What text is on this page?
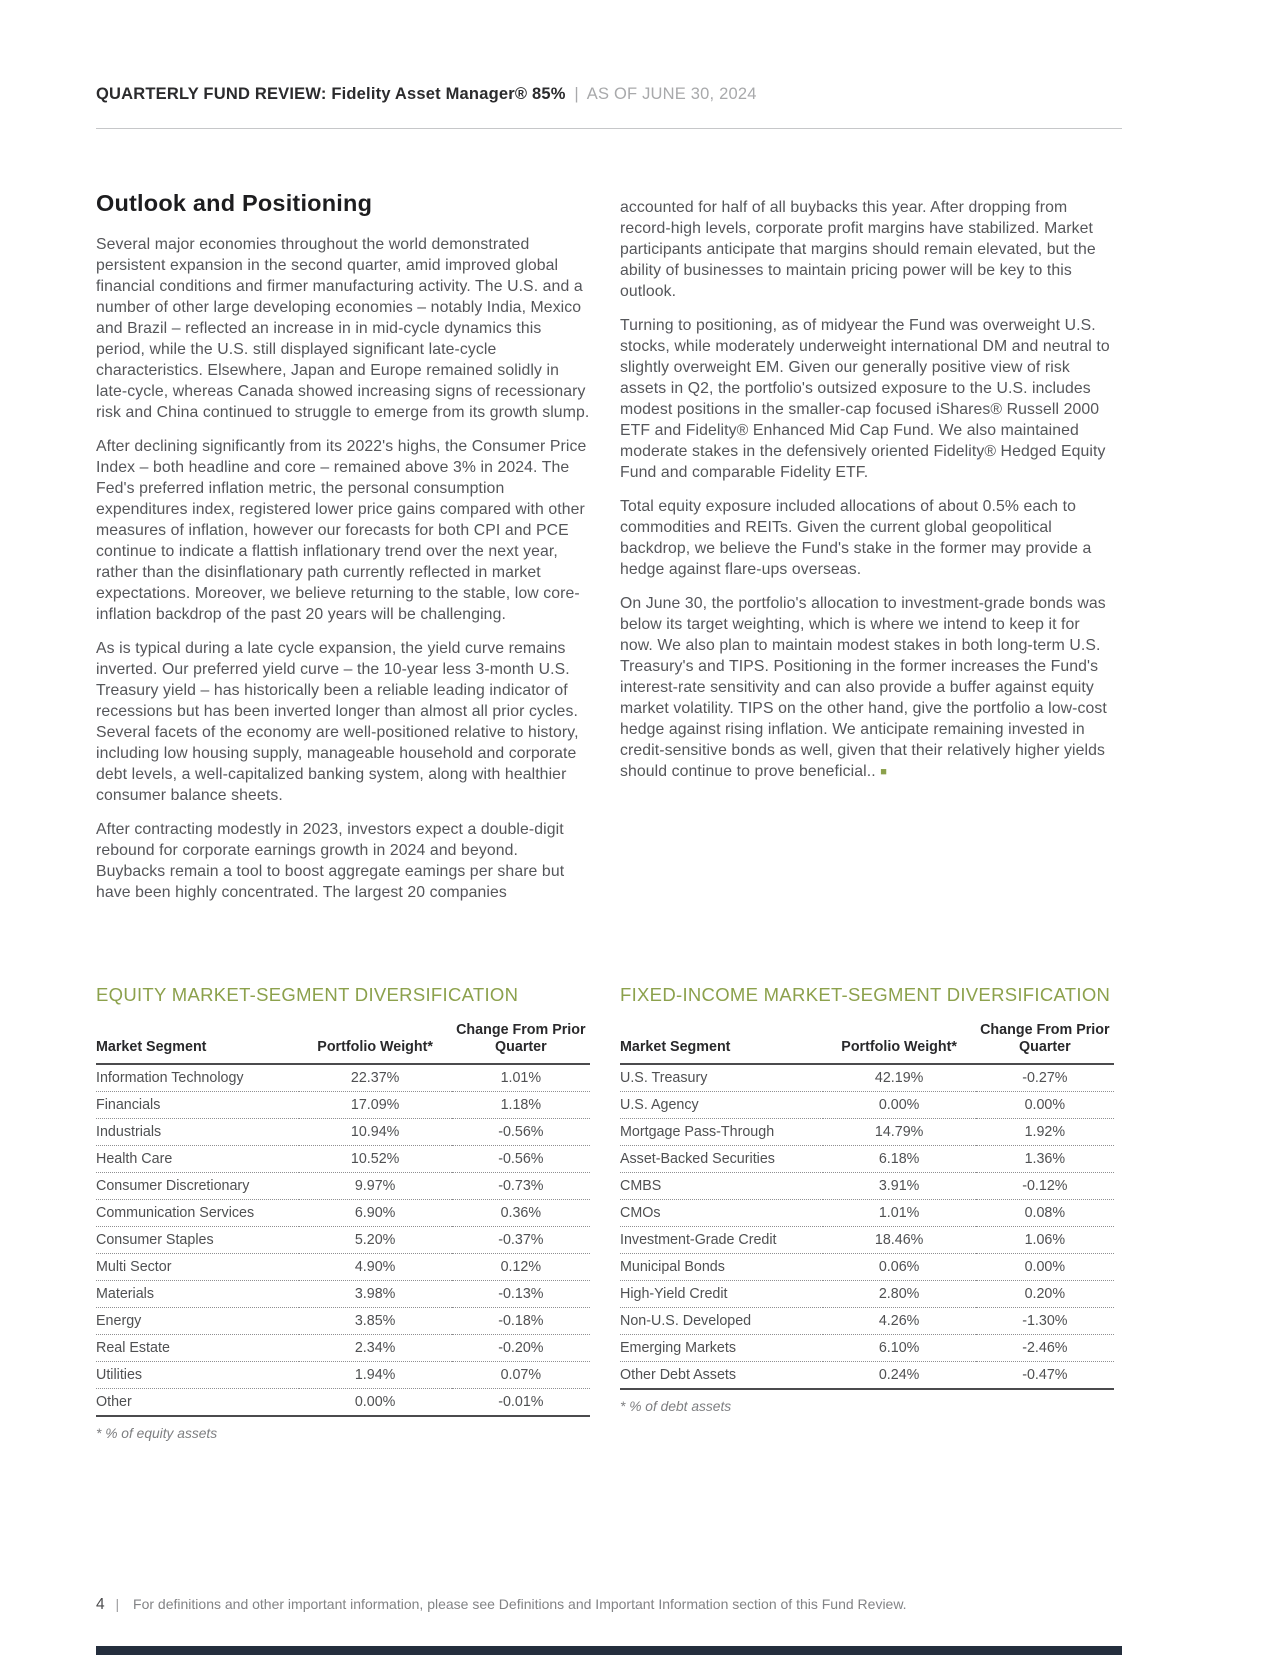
QUARTERLY FUND REVIEW: Fidelity Asset Manager® 85% | AS OF JUNE 30, 2024
Outlook and Positioning

Several major economies throughout the world demonstrated persistent expansion in the second quarter, amid improved global financial conditions and firmer manufacturing activity. The U.S. and a number of other large developing economies – notably India, Mexico and Brazil – reflected an increase in in mid-cycle dynamics this period, while the U.S. still displayed significant late-cycle characteristics. Elsewhere, Japan and Europe remained solidly in late-cycle, whereas Canada showed increasing signs of recessionary risk and China continued to struggle to emerge from its growth slump.

After declining significantly from its 2022's highs, the Consumer Price Index – both headline and core – remained above 3% in 2024. The Fed's preferred inflation metric, the personal consumption expenditures index, registered lower price gains compared with other measures of inflation, however our forecasts for both CPI and PCE continue to indicate a flattish inflationary trend over the next year, rather than the disinflationary path currently reflected in market expectations. Moreover, we believe returning to the stable, low core-inflation backdrop of the past 20 years will be challenging.

As is typical during a late cycle expansion, the yield curve remains inverted. Our preferred yield curve – the 10-year less 3-month U.S. Treasury yield – has historically been a reliable leading indicator of recessions but has been inverted longer than almost all prior cycles. Several facets of the economy are well-positioned relative to history, including low housing supply, manageable household and corporate debt levels, a well-capitalized banking system, along with healthier consumer balance sheets.

After contracting modestly in 2023, investors expect a double-digit rebound for corporate earnings growth in 2024 and beyond. Buybacks remain a tool to boost aggregate eamings per share but have been highly concentrated. The largest 20 companies

accounted for half of all buybacks this year. After dropping from record-high levels, corporate profit margins have stabilized. Market participants anticipate that margins should remain elevated, but the ability of businesses to maintain pricing power will be key to this outlook.

Turning to positioning, as of midyear the Fund was overweight U.S. stocks, while moderately underweight international DM and neutral to slightly overweight EM. Given our generally positive view of risk assets in Q2, the portfolio's outsized exposure to the U.S. includes modest positions in the smaller-cap focused iShares® Russell 2000 ETF and Fidelity® Enhanced Mid Cap Fund. We also maintained moderate stakes in the defensively oriented Fidelity® Hedged Equity Fund and comparable Fidelity ETF.

Total equity exposure included allocations of about 0.5% each to commodities and REITs. Given the current global geopolitical backdrop, we believe the Fund's stake in the former may provide a hedge against flare-ups overseas.

On June 30, the portfolio's allocation to investment-grade bonds was below its target weighting, which is where we intend to keep it for now. We also plan to maintain modest stakes in both long-term U.S. Treasury's and TIPS. Positioning in the former increases the Fund's interest-rate sensitivity and can also provide a buffer against equity market volatility. TIPS on the other hand, give the portfolio a low-cost hedge against rising inflation. We anticipate remaining invested in credit-sensitive bonds as well, given that their relatively higher yields should continue to prove beneficial.. ■

EQUITY MARKET-SEGMENT DIVERSIFICATION
Market Segment	Portfolio Weight*	Change From Prior Quarter
Information Technology	22.37%	1.01%
Financials	17.09%	1.18%
Industrials	10.94%	-0.56%
Health Care	10.52%	-0.56%
Consumer Discretionary	9.97%	-0.73%
Communication Services	6.90%	0.36%
Consumer Staples	5.20%	-0.37%
Multi Sector	4.90%	0.12%
Materials	3.98%	-0.13%
Energy	3.85%	-0.18%
Real Estate	2.34%	-0.20%
Utilities	1.94%	0.07%
Other	0.00%	-0.01%

* % of equity assets

FIXED-INCOME MARKET-SEGMENT DIVERSIFICATION
Market Segment	Portfolio Weight*	Change From Prior Quarter
U.S. Treasury	42.19%	-0.27%
U.S. Agency	0.00%	0.00%
Mortgage Pass-Through	14.79%	1.92%
Asset-Backed Securities	6.18%	1.36%
CMBS	3.91%	-0.12%
CMOs	1.01%	0.08%
Investment-Grade Credit	18.46%	1.06%
Municipal Bonds	0.06%	0.00%
High-Yield Credit	2.80%	0.20%
Non-U.S. Developed	4.26%	-1.30%
Emerging Markets	6.10%	-2.46%
Other Debt Assets	0.24%	-0.47%

* % of debt assets

4 | For definitions and other important information, please see Definitions and Important Information section of this Fund Review.
